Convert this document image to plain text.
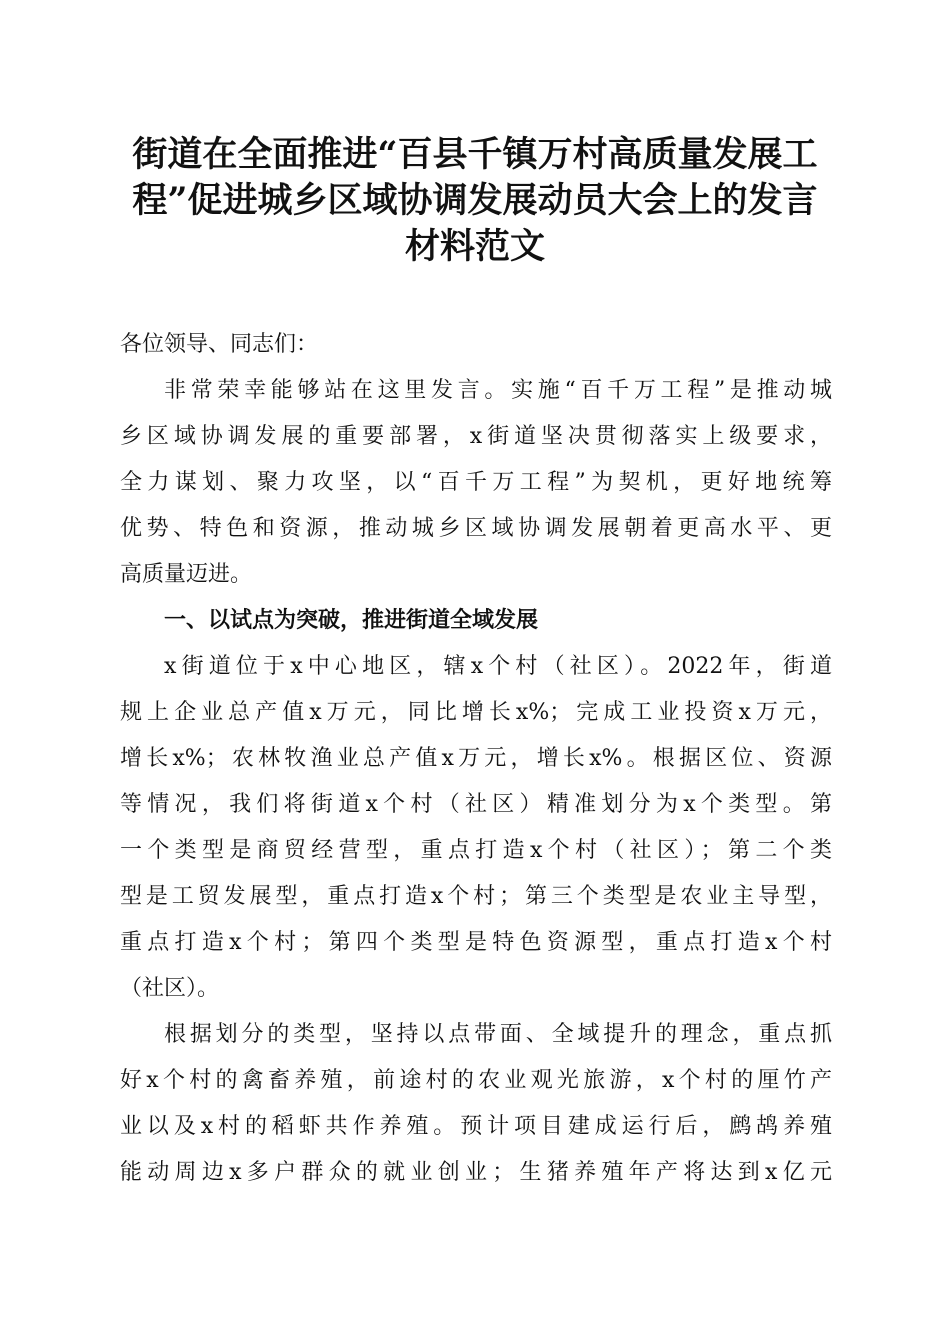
街道在全面推进“百县千镇万村高质量发展工
程”促进城乡区域协调发展动员大会上的发言
材料范文
各位领导、同志们：
非常荣幸能够站在这里发言。实施“百千万工程”是推动城
乡区域协调发展的重要部署，x街道坚决贯彻落实上级要求，
全力谋划、聚力攻坚，以“百千万工程”为契机，更好地统筹
优势、特色和资源，推动城乡区域协调发展朝着更高水平、更
高质量迈进。
一、以试点为突破，推进街道全域发展
x街道位于x中心地区，辖x个村（社区）。2022年，街道
规上企业总产值x万元，同比增长x%；完成工业投资x万元，
增长x%；农林牧渔业总产值x万元，增长x%。根据区位、资源
等情况，我们将街道x个村（社区）精准划分为x个类型。第
一个类型是商贸经营型，重点打造x个村（社区）；第二个类
型是工贸发展型，重点打造x个村；第三个类型是农业主导型，
重点打造x个村；第四个类型是特色资源型，重点打造x个村
（社区）。
根据划分的类型，坚持以点带面、全域提升的理念，重点抓
好x个村的禽畜养殖，前途村的农业观光旅游，x个村的厘竹产
业以及x村的稻虾共作养殖。预计项目建成运行后，鹧鸪养殖
能动周边x多户群众的就业创业；生猪养殖年产将达到x亿元
